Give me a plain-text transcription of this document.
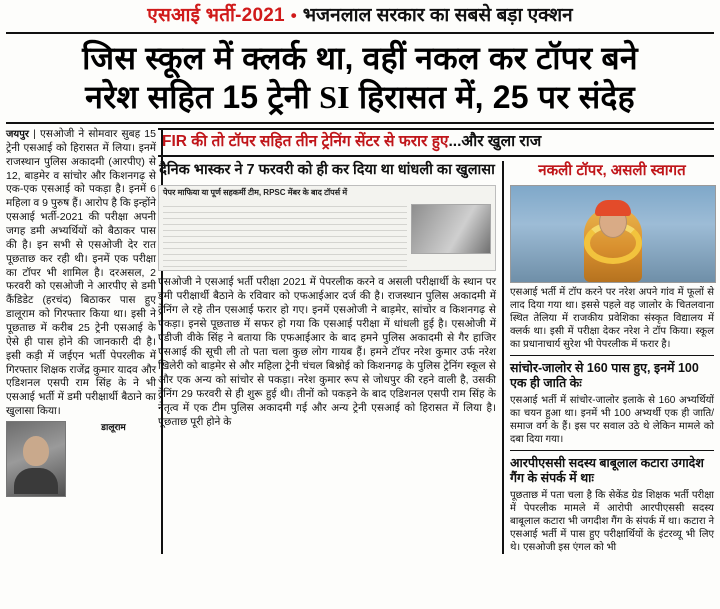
एसआई भर्ती-2021 • भजनलाल सरकार का सबसे बड़ा एक्शन
जिस स्कूल में क्लर्क था, वहीं नकल कर टॉपर बने
नरेश सहित 15 ट्रेनी SI हिरासत में, 25 पर संदेह
जयपुर | एसओजी ने सोमवार सुबह 15 ट्रेनी एसआई को हिरासत में लिया। इनमें राजस्थान पुलिस अकादमी (आरपीए) से 12, बाड़मेर व सांचोर और किशनगढ़ से एक-एक एसआई को पकड़ा है। इनमें 6 महिला व 9 पुरुष हैं। आरोप है कि इन्होंने एसआई भर्ती-2021 की परीक्षा अपनी जगह डमी अभ्यर्थियों को बैठाकर पास की है। इन सभी से एसओजी देर रात पूछताछ कर रही थी। इनमें एक परीक्षा का टॉपर भी शामिल है। दरअसल, 2 फरवरी को एसओजी ने आरपीए से डमी कैंडिडेट (हरचंद) बिठाकर पास हुए डालूराम को गिरफ्तार किया था। इसी ने पूछताछ में करीब 25 ट्रेनी एसआई के ऐसे ही पास होने की जानकारी दी है। इसी कड़ी में जईएन भर्ती पेपरलीक में गिरफ्तार शिक्षक राजेंद्र कुमार यादव और एडिशनल एसपी राम सिंह के ने भी एसआई भर्ती में डमी परीक्षार्थी बैठाने का खुलासा किया।
डालूराम
FIR की तो टॉपर सहित तीन ट्रेनिंग सेंटर से फरार हुए...और खुला राज
दैनिक भास्कर ने 7 फरवरी को ही कर दिया था धांधली का खुलासा
पेपर माफिया या पूर्ण सहकर्मी टीम, RPSC मेंबर के बाद टॉपर्स में
एसओजी ने एसआई भर्ती परीक्षा 2021 में पेपरलीक करने व असली परीक्षार्थी के स्थान पर डमी परीक्षार्थी बैठाने के रविवार को एफआईआर दर्ज की है। राजस्थान पुलिस अकादमी में ट्रेनिंग ले रहे तीन एसआई फरार हो गए। इनमें एसओजी ने बाड़मेर, सांचोर व किशनगढ़ से पकड़ा। इनसे पूछताछ में सफर हो गया कि एसआई परीक्षा में धांधली हुई है। एसओजी में एडीजी वीके सिंह ने बताया कि एफआईआर के बाद हमने पुलिस अकादमी से गैर हाजिर एसआई की सूची ली तो पता चला कुछ लोग गायब हैं। हमने टॉपर नरेश कुमार उर्फ नरेश खिलेरी को बाड़मेर से और महिला ट्रेनी चंचल बिश्नोई को किशनगढ़ के पुलिस ट्रेनिंग स्कूल से और एक अन्य को सांचोर से पकड़ा। नरेश कुमार रूप से जोधपुर की रहने वाली है, उसकी ट्रेनिंग 29 फरवरी से ही शुरू हुई थी। तीनों को पकड़ने के बाद एडिशनल एसपी राम सिंह के नेतृत्व में एक टीम पुलिस अकादमी गई और अन्य ट्रेनी एसआई को हिरासत में लिया है। पूछताछ पूरी होने के
नकली टॉपर, असली स्वागत
एसआई भर्ती में टॉप करने पर नरेश अपने गांव में फूलों से लाद दिया गया था। इससे पहले वह जालोर के चितलवाना स्थित तेलिया में राजकीय प्रवेशिका संस्कृत विद्यालय में क्लर्क था। इसी में परीक्षा देकर नरेश ने टॉप किया। स्कूल का प्रधानाचार्य सुरेश भी पेपरलीक में फरार है।
सांचोर-जालोर से 160 पास हुए, इनमें 100 एक ही जाति केः
एसआई भर्ती में सांचोर-जालोर इलाके से 160 अभ्यर्थियों का चयन हुआ था। इनमें भी 100 अभ्यर्थी एक ही जाति/समाज वर्ग के हैं। इस पर सवाल उठे थे लेकिन मामले को दबा दिया गया।
आरपीएससी सदस्य बाबूलाल कटारा उगादेश गैंग के संपर्क में थाः
पूछताछ में पता चला है कि सेकेंड ग्रेड शिक्षक भर्ती परीक्षा में पेपरलीक मामले में आरोपी आरपीएससी सदस्य बाबूलाल कटारा भी जगदीश गैंग के संपर्क में था। कटारा ने एसआई भर्ती में पास हुए परीक्षार्थियों के इंटरव्यू भी लिए थे। एसओजी इस एंगल को भी
